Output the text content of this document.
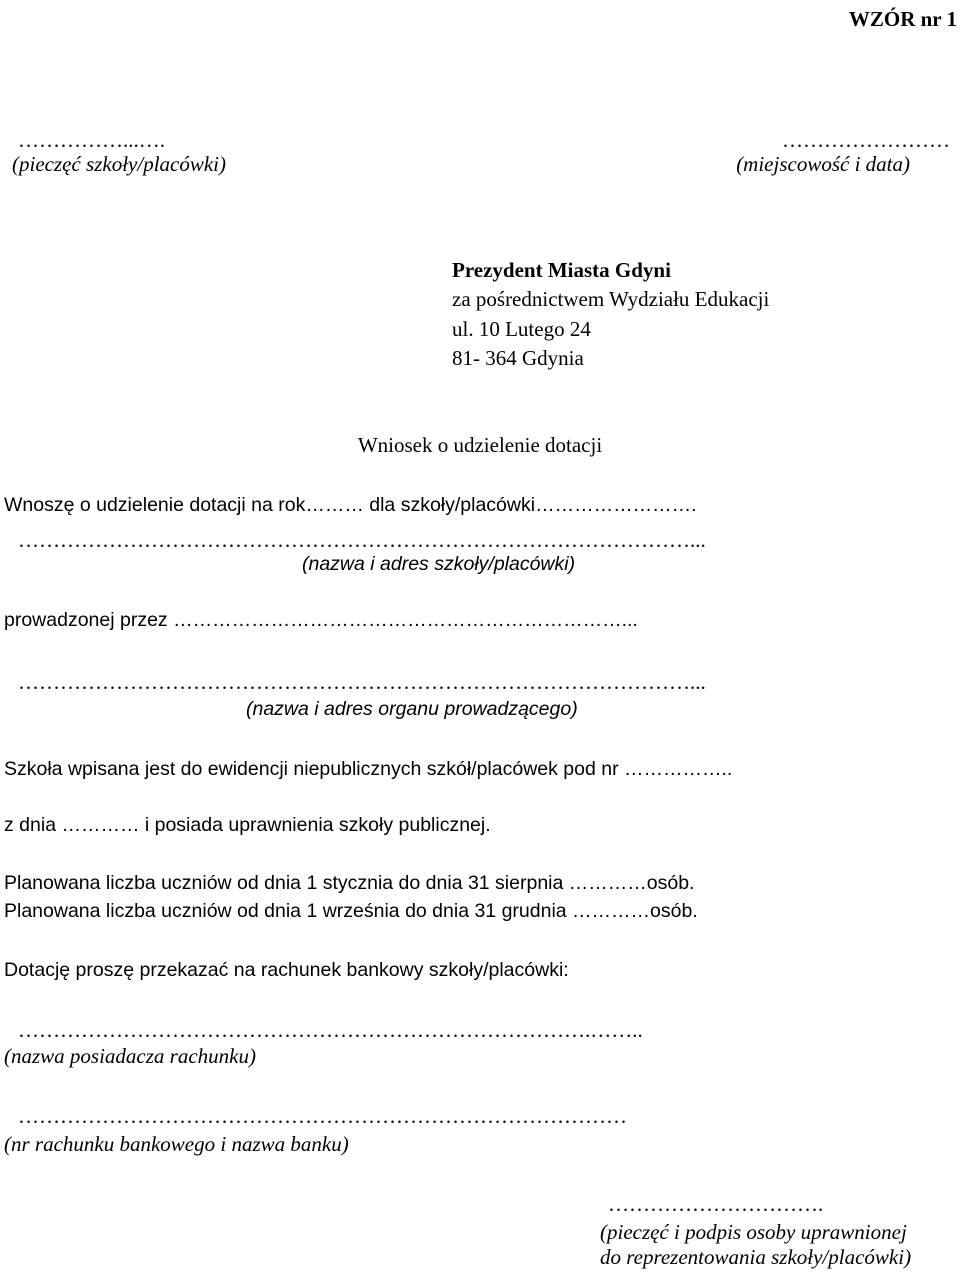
WZÓR nr 1
……………...….
(pieczęć szkoły/placówki)
……………………
(miejscowość i data)
Prezydent Miasta Gdyni
za pośrednictwem Wydziału Edukacji
ul. 10 Lutego 24
81- 364 Gdynia
Wniosek o udzielenie dotacji
Wnoszę o udzielenie dotacji na rok……… dla szkoły/placówki…………………….
……………………………………………………………………………………...
(nazwa i adres szkoły/placówki)
prowadzonej przez ……………………………………………………………...
……………………………………………………………………………………...
(nazwa i adres organu prowadzącego)
Szkoła wpisana jest do ewidencji niepublicznych szkół/placówek pod nr ……………..
z dnia ………… i posiada uprawnienia szkoły publicznej.
Planowana liczba uczniów od dnia 1 stycznia do dnia 31 sierpnia …………osób.
Planowana liczba uczniów od dnia 1 września do dnia 31 grudnia …………osób.
Dotację proszę przekazać na rachunek bankowy szkoły/placówki:
……………………………………………………………………….……..
(nazwa posiadacza rachunku)
……………………………………………………………………………
(nr rachunku bankowego i nazwa banku)
………………………….
(pieczęć i podpis osoby uprawnionej
do reprezentowania szkoły/placówki)
